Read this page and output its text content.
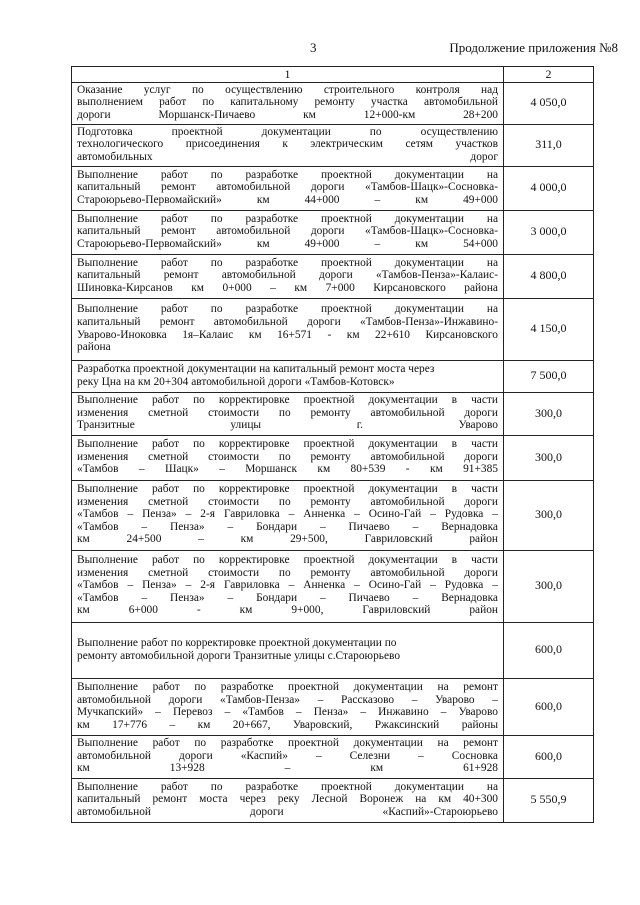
3	Продолжение приложения №8
1	2

Оказание услуг по осуществлению строительного контроля над
выполнением работ по капитальному ремонту участка автомобильной
дороги Моршанск-Пичаево км 12+000-км 28+200	4 050,0

Подготовка проектной документации по осуществлению
технологического присоединения к электрическим сетям участков
автомобильных дорог	311,0

Выполнение работ по разработке проектной документации на
капитальный ремонт автомобильной дороги «Тамбов-Шацк»-Сосновка-
Староюрьево-Первомайский» км 44+000 – км 49+000	4 000,0

Выполнение работ по разработке проектной документации на
капитальный ремонт автомобильной дороги «Тамбов-Шацк»-Сосновка-
Староюрьево-Первомайский» км 49+000 – км 54+000	3 000,0

Выполнение работ по разработке проектной документации на
капитальный ремонт автомобильной дороги «Тамбов-Пенза»-Калаис-
Шиновка-Кирсанов км 0+000 – км 7+000 Кирсановского района	4 800,0

Выполнение работ по разработке проектной документации на
капитальный ремонт автомобильной дороги «Тамбов-Пенза»-Инжавино-
Уварово-Иноковка 1я–Калаис км 16+571 - км 22+610 Кирсановского
района	4 150,0

Разработка проектной документации на капитальный ремонт моста через
реку Цна на км 20+304 автомобильной дороги «Тамбов-Котовск»	7 500,0

Выполнение работ по корректировке проектной документации в части
изменения сметной стоимости по ремонту автомобильной дороги
Транзитные улицы г. Уварово	300,0

Выполнение работ по корректировке проектной документации в части
изменения сметной стоимости по ремонту автомобильной дороги
«Тамбов – Шацк» – Моршанск км 80+539 - км 91+385	300,0

Выполнение работ по корректировке проектной документации в части
изменения сметной стоимости по ремонту автомобильной дороги
«Тамбов – Пенза» – 2-я Гавриловка – Анненка – Осино-Гай – Рудовка –
«Тамбов – Пенза» – Бондари – Пичаево – Вернадовка
км 24+500 – км 29+500, Гавриловский район	300,0

Выполнение работ по корректировке проектной документации в части
изменения сметной стоимости по ремонту автомобильной дороги
«Тамбов – Пенза» – 2-я Гавриловка – Анненка – Осино-Гай – Рудовка –
«Тамбов – Пенза» – Бондари – Пичаево – Вернадовка
км 6+000 - км 9+000, Гавриловский район	300,0

Выполнение работ по корректировке проектной документации по
ремонту автомобильной дороги Транзитные улицы с.Староюрьево	600,0

Выполнение работ по разработке проектной документации на ремонт
автомобильной дороги «Тамбов-Пенза» – Рассказово – Уварово –
Мучкапский» – Перевоз – «Тамбов – Пенза» – Инжавино – Уварово
км 17+776 – км 20+667, Уваровский, Ржаксинский районы	600,0

Выполнение работ по разработке проектной документации на ремонт
автомобильной дороги «Каспий» – Селезни – Сосновка
км 13+928 – км 61+928	600,0

Выполнение работ по разработке проектной документации на
капитальный ремонт моста через реку Лесной Воронеж на км 40+300
автомобильной дороги «Каспий»-Староюрьево	5 550,9
